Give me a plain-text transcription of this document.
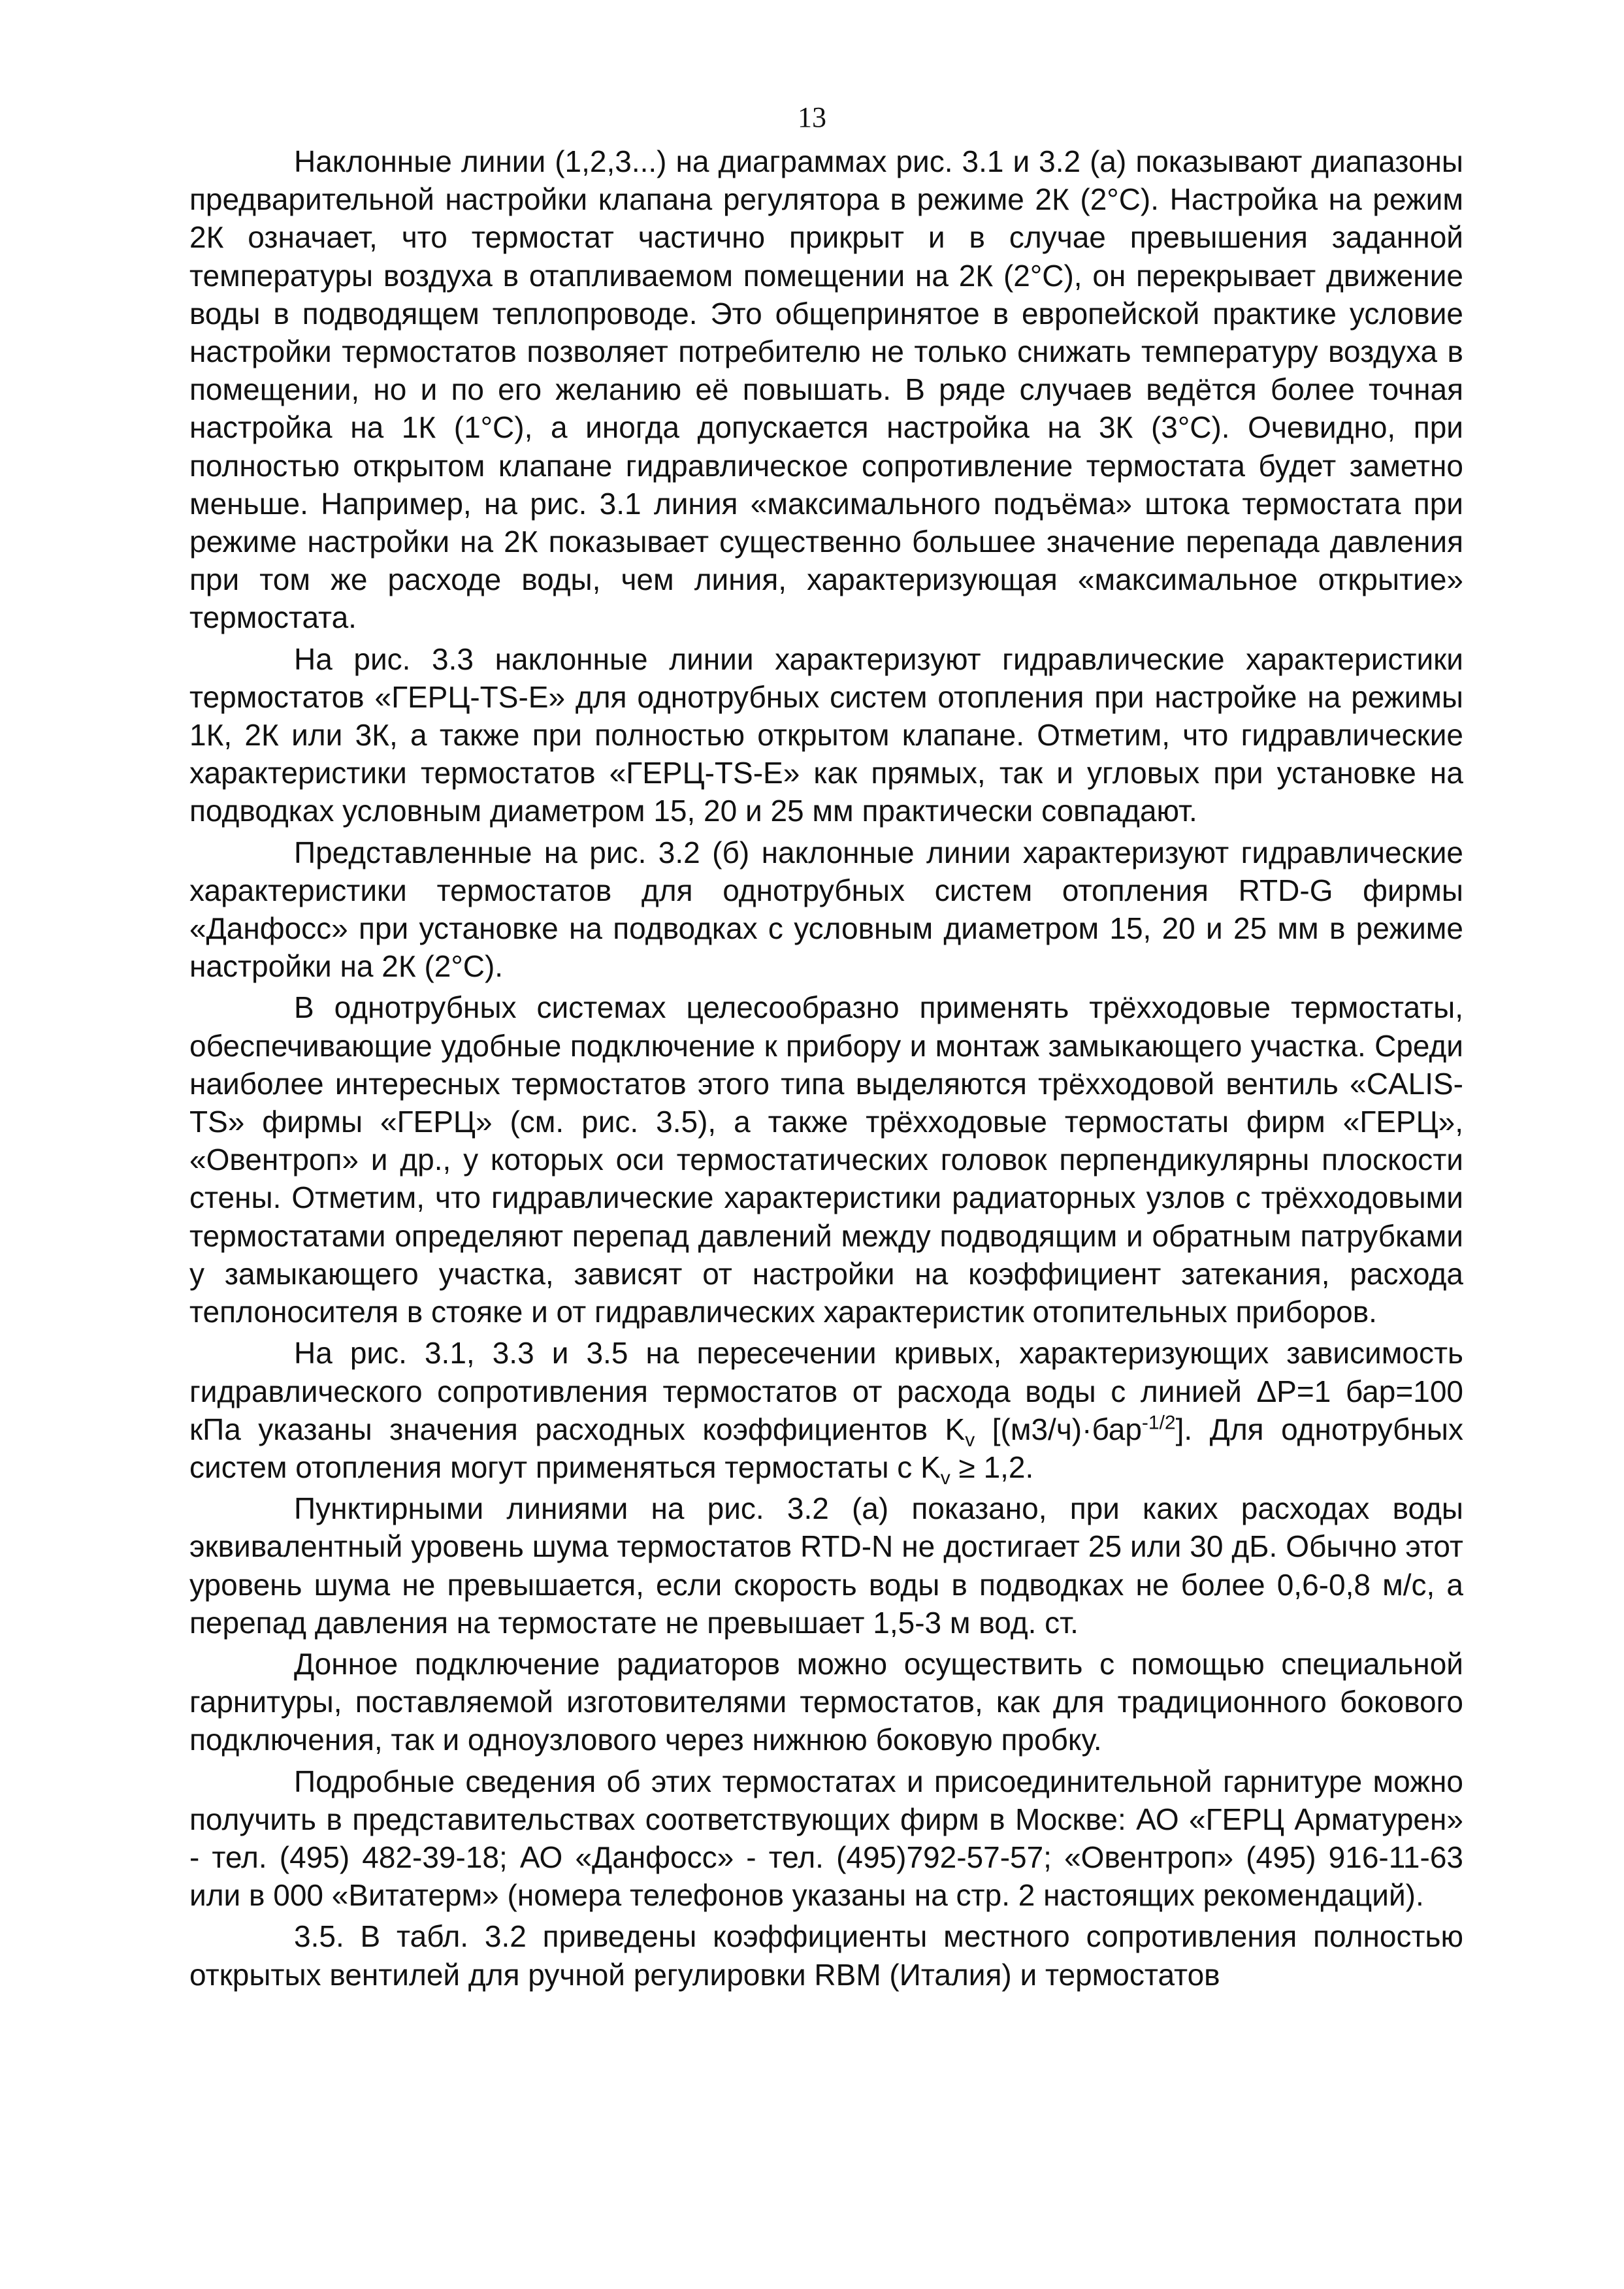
13

Наклонные линии (1,2,3...) на диаграммах рис. 3.1 и 3.2 (а) показывают диапазоны предварительной настройки клапана регулятора в режиме 2К (2°С). Настройка на режим 2К означает, что термостат частично прикрыт и в случае превышения заданной температуры воздуха в отапливаемом помещении на 2К (2°С), он перекрывает движение воды в подводящем теплопроводе. Это общепринятое в европейской практике условие настройки термостатов позволяет потребителю не только снижать температуру воздуха в помещении, но и по его желанию её повышать. В ряде случаев ведётся более точная настройка на 1К (1°С), а иногда допускается настройка на 3К (3°С). Очевидно, при полностью открытом клапане гидравлическое сопротивление термостата будет заметно меньше. Например, на рис. 3.1 линия «максимального подъёма» штока термостата при режиме настройки на 2К показывает существенно большее значение перепада давления при том же расходе воды, чем линия, характеризующая «максимальное открытие» термостата.

На рис. 3.3 наклонные линии характеризуют гидравлические характеристики термостатов «ГЕРЦ-TS-E» для однотрубных систем отопления при настройке на режимы 1К, 2К или 3К, а также при полностью открытом клапане. Отметим, что гидравлические характеристики термостатов «ГЕРЦ-TS-E» как прямых, так и угловых при установке на подводках условным диаметром 15, 20 и 25 мм практически совпадают.

Представленные на рис. 3.2 (б) наклонные линии характеризуют гидравлические характеристики термостатов для однотрубных систем отопления RTD-G фирмы «Данфосс» при установке на подводках с условным диаметром 15, 20 и 25 мм в режиме настройки на 2К (2°С).

В однотрубных системах целесообразно применять трёхходовые термостаты, обеспечивающие удобные подключение к прибору и монтаж замыкающего участка. Среди наиболее интересных термостатов этого типа выделяются трёхходовой вентиль «CALIS-TS» фирмы «ГЕРЦ» (см. рис. 3.5), а также трёхходовые термостаты фирм «ГЕРЦ», «Овентроп» и др., у которых оси термостатических головок перпендикулярны плоскости стены. Отметим, что гидравлические характеристики радиаторных узлов с трёхходовыми термостатами определяют перепад давлений между подводящим и обратным патрубками у замыкающего участка, зависят от настройки на коэффициент затекания, расхода теплоносителя в стояке и от гидравлических характеристик отопительных приборов.

На рис. 3.1, 3.3 и 3.5 на пересечении кривых, характеризующих зависимость гидравлического сопротивления термостатов от расхода воды с линией ΔР=1 бар=100 кПа указаны значения расходных коэффициентов $K_v$ [(м3/ч)·бар$^{-1/2}$]. Для однотрубных систем отопления могут применяться термостаты с $K_v \ge 1,2$.

Пунктирными линиями на рис. 3.2 (а) показано, при каких расходах воды эквивалентный уровень шума термостатов RTD-N не достигает 25 или 30 дБ. Обычно этот уровень шума не превышается, если скорость воды в подводках не более 0,6-0,8 м/с, а перепад давления на термостате не превышает 1,5-3 м вод. ст.

Донное подключение радиаторов можно осуществить с помощью специальной гарнитуры, поставляемой изготовителями термостатов, как для традиционного бокового подключения, так и одноузлового через нижнюю боковую пробку.

Подробные сведения об этих термостатах и присоединительной гарнитуре можно получить в представительствах соответствующих фирм в Москве: АО «ГЕРЦ Арматурен» - тел. (495) 482-39-18; АО «Данфосс» - тел. (495)792-57-57; «Овентроп» (495) 916-11-63 или в 000 «Витатерм» (номера телефонов указаны на стр. 2 настоящих рекомендаций).

3.5. В табл. 3.2 приведены коэффициенты местного сопротивления полностью открытых вентилей для ручной регулировки RBM (Италия) и термостатов
